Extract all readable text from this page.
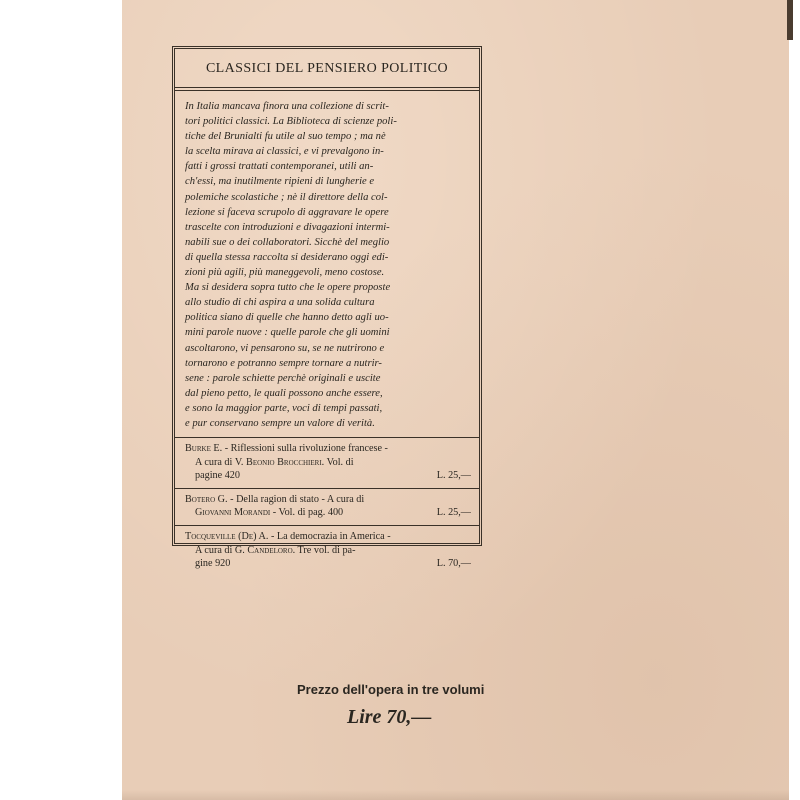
CLASSICI DEL PENSIERO POLITICO
In Italia mancava finora una collezione di scrit-
tori politici classici. La Biblioteca di scienze poli-
tiche del Brunialti fu utile al suo tempo ; ma nè
la scelta mirava ai classici, e vi prevalgono in-
fatti i grossi trattati contemporanei, utili an-
ch'essi, ma inutilmente ripieni di lungherie e
polemiche scolastiche ; nè il direttore della col-
lezione si faceva scrupolo di aggravare le opere
trascelte con introduzioni e divagazioni intermi-
nabili sue o dei collaboratori. Sicchè del meglio
di quella stessa raccolta si desiderano oggi edi-
zioni più agili, più maneggevoli, meno costose.
Ma si desidera sopra tutto che le opere proposte
allo studio di chi aspira a una solida cultura
politica siano di quelle che hanno detto agli uo-
mini parole nuove : quelle parole che gli uomini
ascoltarono, vi pensarono su, se ne nutrirono e
tornarono e potranno sempre tornare a nutrir-
sene : parole schiette perchè originali e uscite
dal pieno petto, le quali possono anche essere,
e sono la maggior parte, voci di tempi passati,
e pur conservano sempre un valore di verità.
Burke E. - Riflessioni sulla rivoluzione francese -
A cura di V. Beonio Brocchieri. Vol. di
pagine 420	L. 25,—
Botero G. - Della ragion di stato - A cura di
Giovanni Morandi - Vol. di pag. 400	L. 25,—
Tocqueville (De) A. - La democrazia in America -
A cura di G. Candeloro. Tre vol. di pa-
gine 920	L. 70,—
Prezzo dell'opera in tre volumi
Lire 70,—
